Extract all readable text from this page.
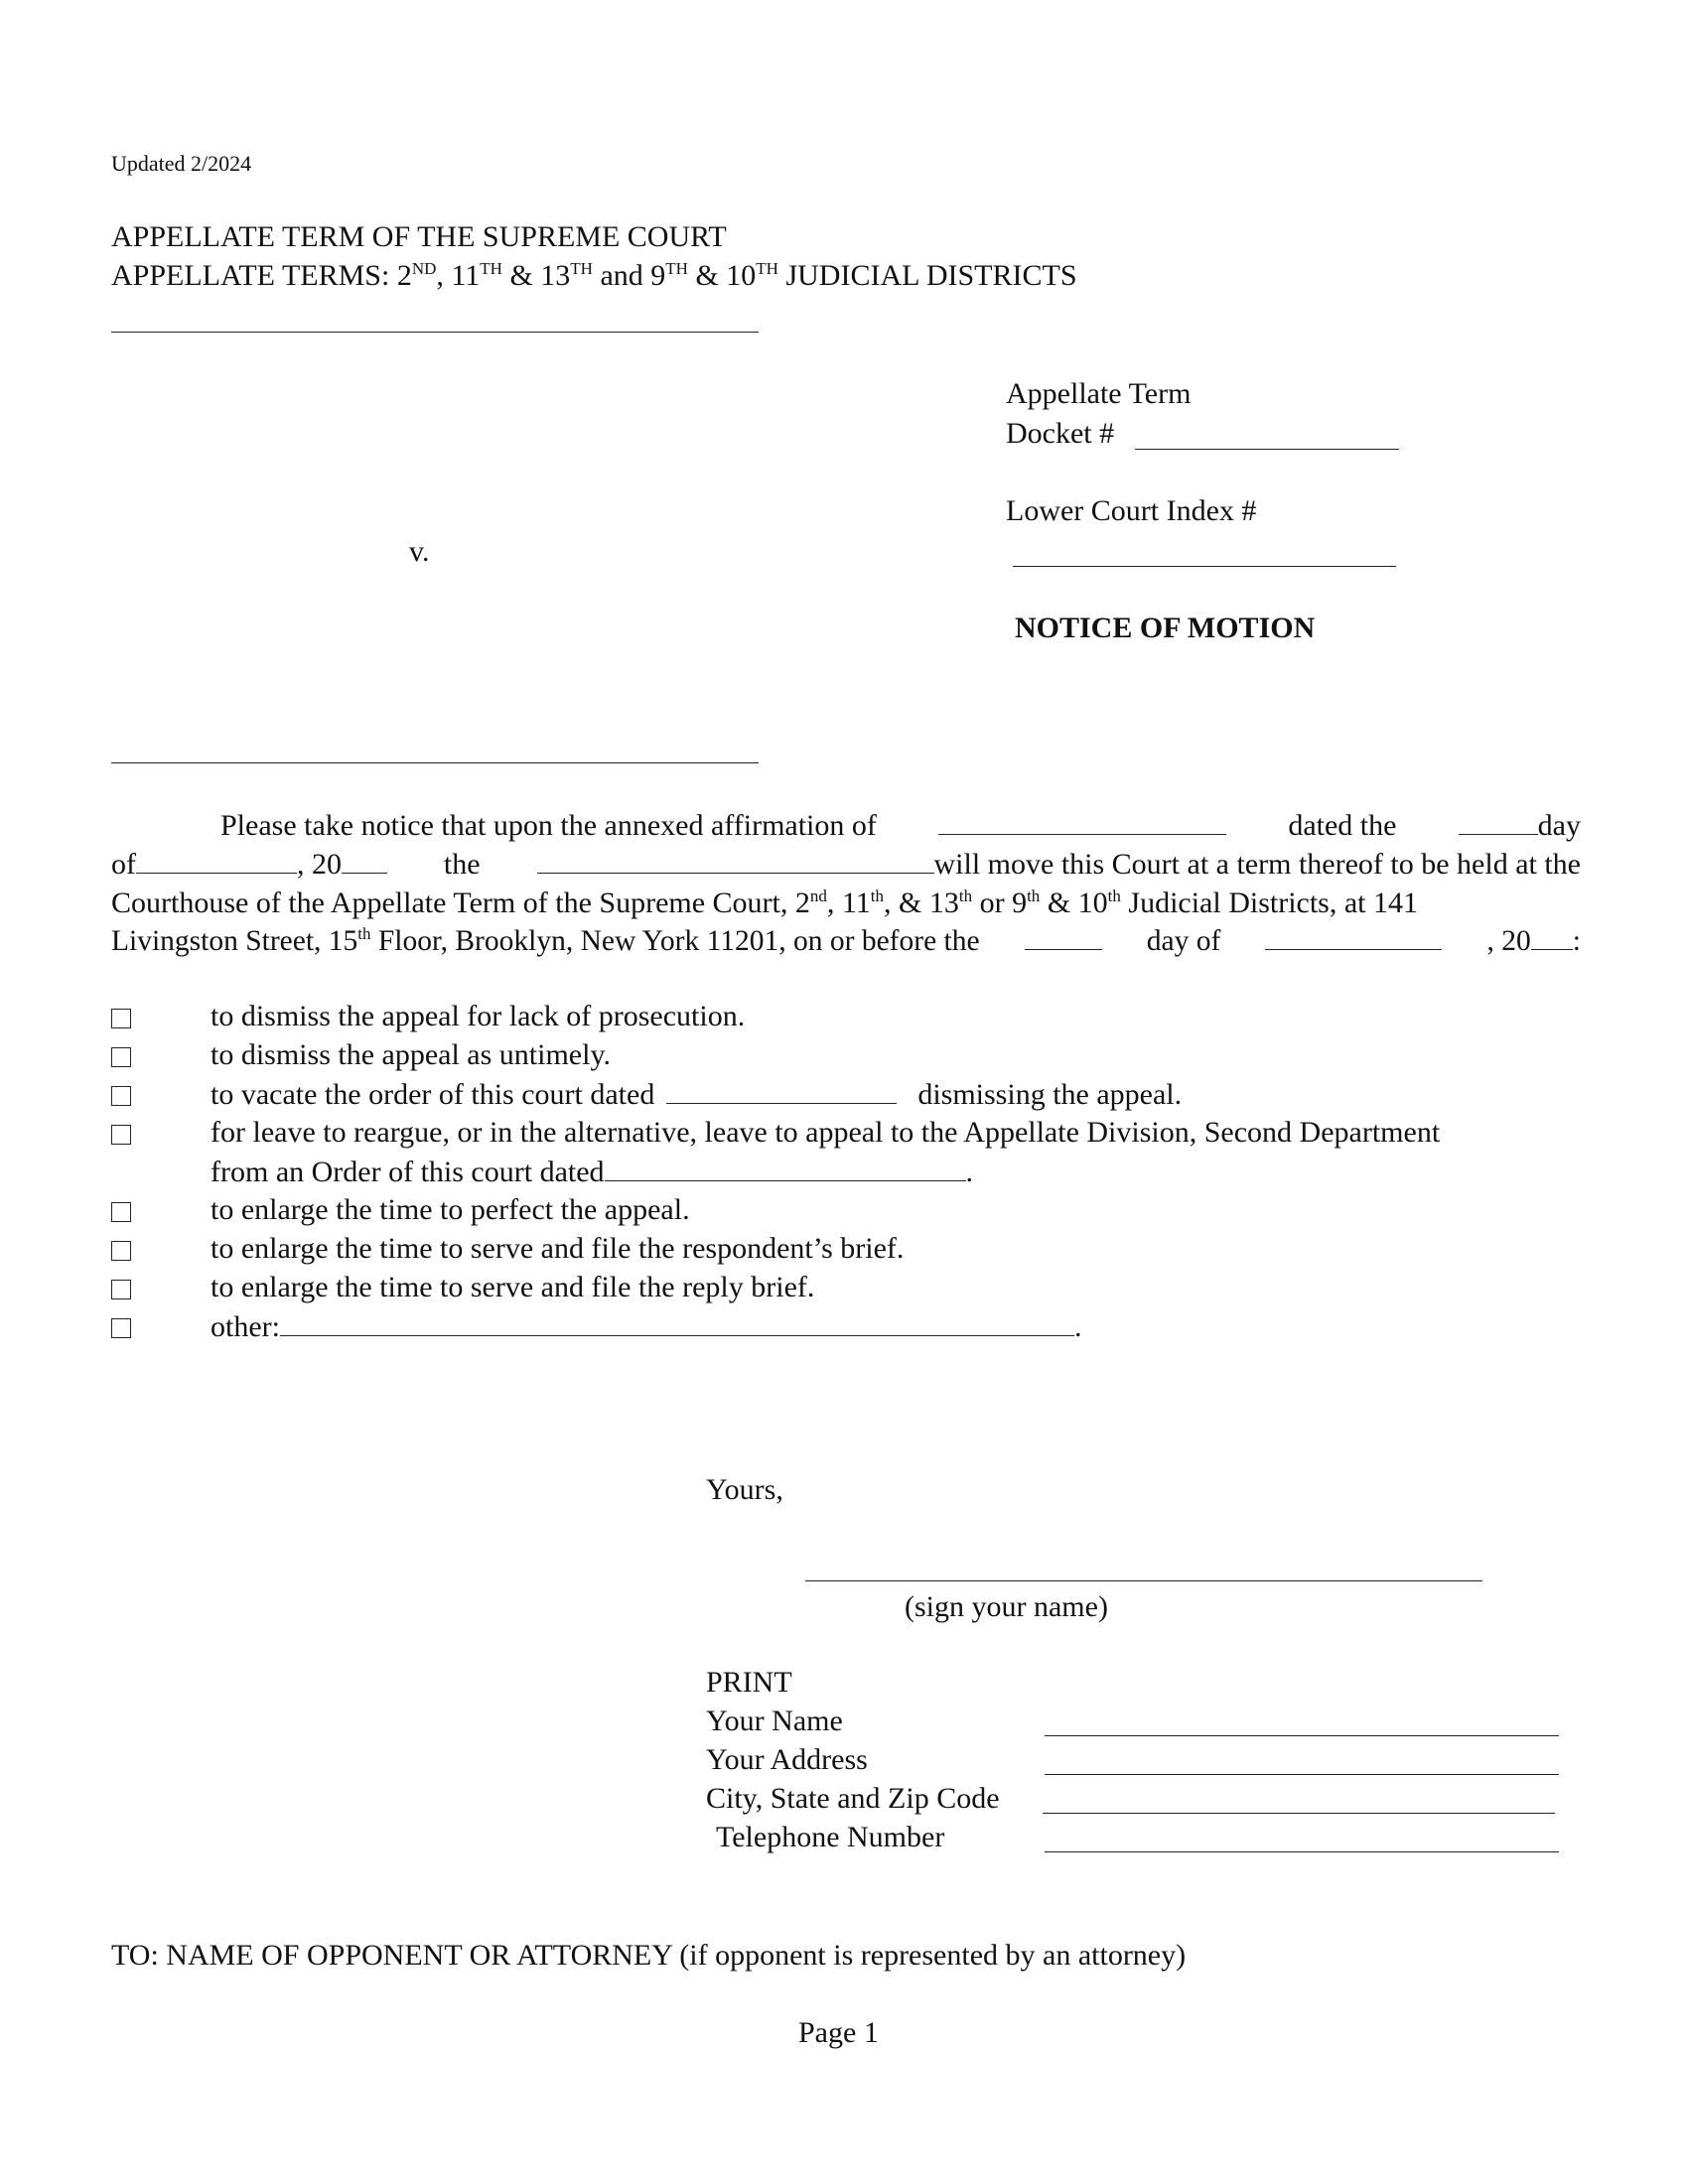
Updated 2/2024
APPELLATE TERM OF THE SUPREME COURT
APPELLATE TERMS: 2ND, 11TH & 13TH and 9TH & 10TH JUDICIAL DISTRICTS
v.
Appellate Term
Docket #
Lower Court Index #
NOTICE OF MOTION
Please take notice that upon the annexed affirmation of	dated the	day
of	, 20	the	will move this Court at a term thereof to be held at the
Courthouse of the Appellate Term of the Supreme Court, 2nd, 11th, & 13th or 9th & 10th Judicial Districts, at 141
Livingston Street, 15th Floor, Brooklyn, New York 11201, on or before the	day of	, 20 :
to dismiss the appeal for lack of prosecution.
to dismiss the appeal as untimely.
to vacate the order of this court dated	dismissing the appeal.
for leave to reargue, or in the alternative, leave to appeal to the Appellate Division, Second Department
from an Order of this court dated	.
to enlarge the time to perfect the appeal.
to enlarge the time to serve and file the respondent’s brief.
to enlarge the time to serve and file the reply brief.
other:	.
Yours,
(sign your name)
PRINT
Your Name
Your Address
City, State and Zip Code
Telephone Number
TO: NAME OF OPPONENT OR ATTORNEY (if opponent is represented by an attorney)
Page 1
